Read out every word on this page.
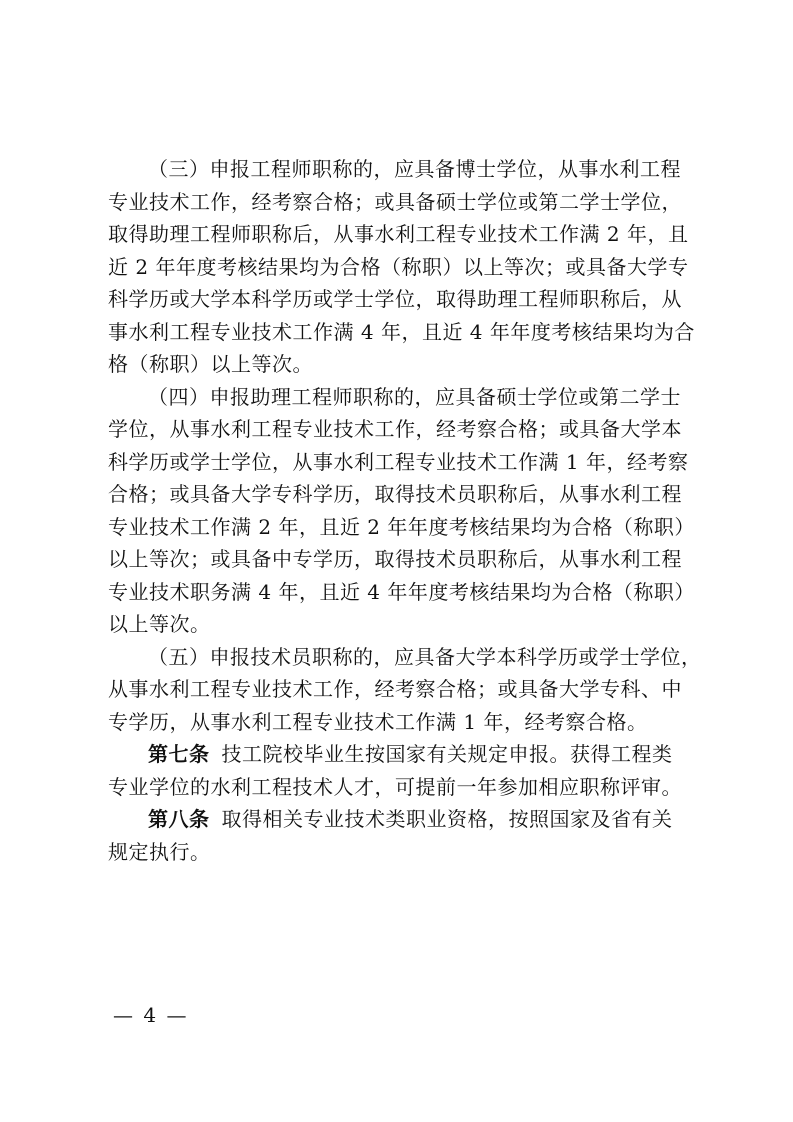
（三）申报工程师职称的，应具备博士学位，从事水利工程
专业技术工作，经考察合格；或具备硕士学位或第二学士学位，
取得助理工程师职称后，从事水利工程专业技术工作满 2 年，且
近 2 年年度考核结果均为合格（称职）以上等次；或具备大学专
科学历或大学本科学历或学士学位，取得助理工程师职称后，从
事水利工程专业技术工作满 4 年，且近 4 年年度考核结果均为合
格（称职）以上等次。
（四）申报助理工程师职称的，应具备硕士学位或第二学士
学位，从事水利工程专业技术工作，经考察合格；或具备大学本
科学历或学士学位，从事水利工程专业技术工作满 1 年，经考察
合格；或具备大学专科学历，取得技术员职称后，从事水利工程
专业技术工作满 2 年，且近 2 年年度考核结果均为合格（称职）
以上等次；或具备中专学历，取得技术员职称后，从事水利工程
专业技术职务满 4 年，且近 4 年年度考核结果均为合格（称职）
以上等次。
（五）申报技术员职称的，应具备大学本科学历或学士学位，
从事水利工程专业技术工作，经考察合格；或具备大学专科、中
专学历，从事水利工程专业技术工作满 1 年，经考察合格。
第七条 技工院校毕业生按国家有关规定申报。获得工程类
专业学位的水利工程技术人才，可提前一年参加相应职称评审。
第八条 取得相关专业技术类职业资格，按照国家及省有关
规定执行。
— 4 —
